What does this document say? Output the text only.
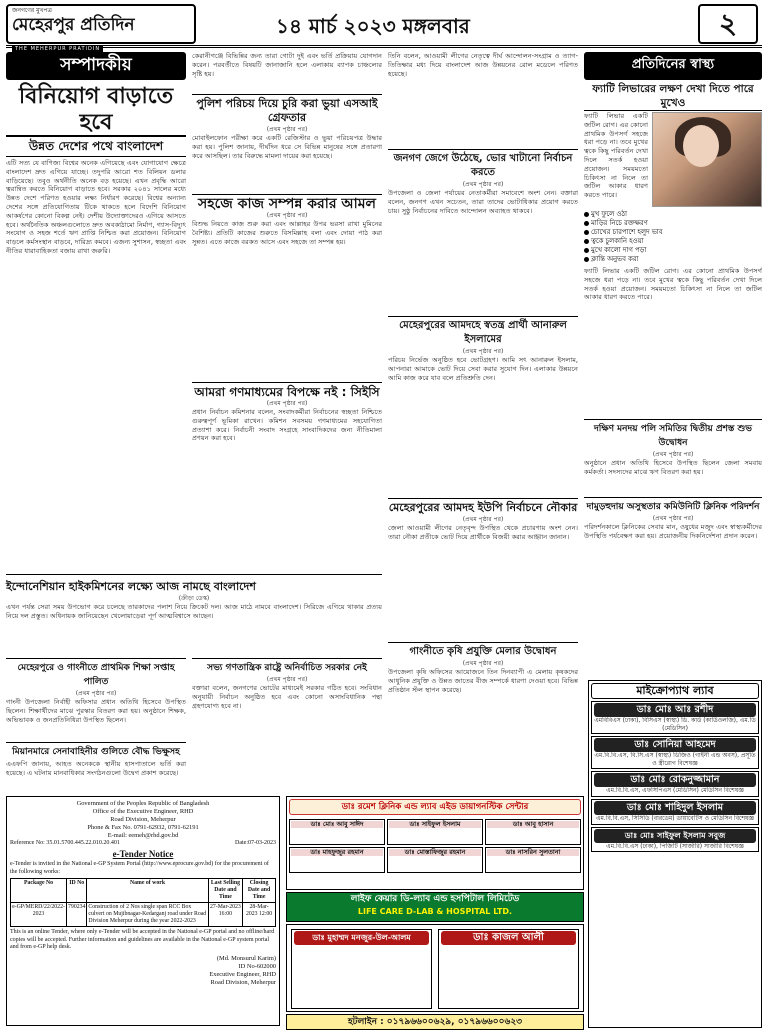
জনগণের মুখপত্র
মেহেরপুর প্রতিদিন
THE MEHERPUR PRATIDIN
১৪ মার্চ ২০২৩ মঙ্গলবার	২
সম্পাদকীয়
বিনিয়োগ বাড়াতে হবে
উন্নত দেশের পথে বাংলাদেশ
এটি সত্য যে বাণিজ্য বিশ্বের অনেক এগিয়েছে এবং যোগাযোগ ক্ষেত্রে বাংলাদেশ দ্রুত এগিয়ে যাচ্ছে। তদুপরি আরো শত বিলিয়ন ডলার বাড়িয়েছে। তবুও অর্থনীতি অনেক বড় হয়েছে। এখন প্রবৃদ্ধি আরো ত্বরান্বিত করতে বিনিয়োগ বাড়াতে হবে। সরকার ২০৪১ সালের মধ্যে উন্নত দেশে পরিণত হওয়ার লক্ষ্য নির্ধারণ করেছে। বিশ্বের অন্যান্য দেশের সঙ্গে প্রতিযোগিতায় টিকে থাকতে হলে বিদেশি বিনিয়োগ আকর্ষণের কোনো বিকল্প নেই। দেশীয় উদ্যোক্তাদেরও এগিয়ে আসতে হবে। অর্থনৈতিক অঞ্চলগুলোতে দ্রুত অবকাঠামো নির্মাণ, গ্যাস-বিদ্যুৎ সংযোগ ও সহজ শর্তে ঋণ প্রাপ্তি নিশ্চিত করা প্রয়োজন। বিনিয়োগ বাড়লে কর্মসংস্থান বাড়বে, দারিদ্র্য কমবে। এজন্য সুশাসন, স্বচ্ছতা এবং নীতির ধারাবাহিকতা বজায় রাখা জরুরি।
কেরানীগঞ্জে বিভিন্নির জন্য তারা গোটা দুই এবং ভর্তি প্রক্রিয়ায় যোগদান করেন। পরবর্তীতে বিষয়টি জানাজানি হলে এলাকায় ব্যাপক চাঞ্চল্যের সৃষ্টি হয়।
পুলিশ পরিচয় দিয়ে চুরি করা ভুয়া এসআই গ্রেফতার
(প্রথম পৃষ্ঠার পর)
মোবাইলফোন পরীক্ষা করে একটি রেজিস্টার ও ভুয়া পরিচয়পত্র উদ্ধার করা হয়। পুলিশ জানায়, দীর্ঘদিন ধরে সে বিভিন্ন মানুষের সঙ্গে প্রতারণা করে আসছিল। তার বিরুদ্ধে মামলা দায়ের করা হয়েছে।
সহজে কাজ সম্পন্ন করার আমল
(প্রথম পৃষ্ঠার পর)
বিশুদ্ধ নিয়তে কাজ শুরু করা এবং আল্লাহর উপর ভরসা রাখা মুমিনের বৈশিষ্ট্য। প্রতিটি কাজের শুরুতে বিসমিল্লাহ বলা এবং দোয়া পাঠ করা সুন্নত। এতে কাজে বরকত আসে এবং সহজে তা সম্পন্ন হয়।
আমরা গণমাধ্যমের বিপক্ষে নই : সিইসি
(প্রথম পৃষ্ঠার পর)
প্রধান নির্বাচন কমিশনার বলেন, সংবাদকর্মীরা নির্বাচনের স্বচ্ছতা নিশ্চিতে গুরুত্বপূর্ণ ভূমিকা রাখেন। কমিশন সবসময় গণমাধ্যমের সহযোগিতা প্রত্যাশা করে। নির্বাচনী সংবাদ সংগ্রহে সাংবাদিকদের জন্য নীতিমালা প্রণয়ন করা হবে।
তিনি বলেন, আওয়ামী লীগের নেতৃত্বে দীর্ঘ আন্দোলন-সংগ্রাম ও ত্যাগ-তিতিক্ষার মধ্য দিয়ে বাংলাদেশ আজ উন্নয়নের রোল মডেলে পরিণত হয়েছে।
জনগণ জেগে উঠেছে, ভোর খাটানো নির্বাচন করতে
(প্রথম পৃষ্ঠার পর)
উপজেলা ও জেলা পর্যায়ের নেতাকর্মীরা সমাবেশে অংশ নেন। বক্তারা বলেন, জনগণ এখন সচেতন, তারা তাদের ভোটাধিকার প্রয়োগ করতে চায়। সুষ্ঠু নির্বাচনের দাবিতে আন্দোলন অব্যাহত থাকবে।
মেহেরপুরের আমদহে স্বতন্ত্র প্রার্থী আনারুল ইসলামের
(প্রথম পৃষ্ঠার পর)
পরিচয় নির্ভেজ অনুষ্ঠিত হবে ভোটগ্রহণ। আমি সৎ আনারুল ইসলাম, আপনারা আমাকে ভোট দিয়ে সেবা করার সুযোগ দিন। এলাকার উন্নয়নে আমি কাজ করে যাব বলে প্রতিশ্রুতি দেন।
মেহেরপুরের আমদহ ইউপি নির্বাচনে নৌকার
(প্রথম পৃষ্ঠার পর)
জেলা আওয়ামী লীগের নেতৃবৃন্দ উপস্থিত থেকে প্রচারণায় অংশ নেন। তারা নৌকা প্রতীকে ভোট দিয়ে প্রার্থীকে বিজয়ী করার আহ্বান জানান।
প্রতিদিনের স্বাস্থ্য
ফ্যাটি লিভারের লক্ষণ দেখা দিতে পারে মুখেও
ফ্যাটি লিভার একটি জটিল রোগ। এর কোনো প্রাথমিক উপসর্গ সহজে ধরা পড়ে না। তবে মুখের ত্বকে কিছু পরিবর্তন দেখা দিলে সতর্ক হওয়া প্রয়োজন। সময়মতো চিকিৎসা না নিলে তা জটিল আকার ধারণ করতে পারে।
মুখ ফুলে ওঠা
মাড়ির নিচে রক্তক্ষরণ
চোখের চারপাশে হলুদ ভাব
ত্বকে চুলকানি হওয়া
মুখে কালো দাগ পড়া
ক্লান্তি অনুভব করা
ফ্যাটি লিভার একটি জটিল রোগ। এর কোনো প্রাথমিক উপসর্গ সহজে ধরা পড়ে না। তবে মুখের ত্বকে কিছু পরিবর্তন দেখা দিলে সতর্ক হওয়া প্রয়োজন। সময়মতো চিকিৎসা না নিলে তা জটিল আকার ধারণ করতে পারে।
দক্ষিণ মনদয় পলি সমিতির দ্বিতীয় প্রশস্ত শুভ উদ্বোধন
(প্রথম পৃষ্ঠার পর)
অনুষ্ঠানে প্রধান অতিথি হিসেবে উপস্থিত ছিলেন জেলা সমবায় কর্মকর্তা। সদস্যদের মাঝে ঋণ বিতরণ করা হয়।
দামুড়হুদায় অসুস্থতার কমিউনিটি ক্লিনিক পরিদর্শন
(প্রথম পৃষ্ঠার পর)
পরিদর্শনকালে ক্লিনিকের সেবার মান, ওষুধের মজুদ এবং স্বাস্থ্যকর্মীদের উপস্থিতি পর্যবেক্ষণ করা হয়। প্রয়োজনীয় দিকনির্দেশনা প্রদান করেন।
ইন্দোনেশিয়ান হাইকমিশনের লক্ষ্যে আজ নামছে বাংলাদেশ
(ক্রীড়া ডেস্ক)
এখন পর্যন্ত সেরা সময় উপভোগ করে চলেছে তারকাদের পলাশ নিয়ে ক্রিকেট দল। আজ মাঠে নামবে বাংলাদেশ। সিরিজে এগিয়ে থাকার প্রত্যয় নিয়ে দল প্রস্তুত। অধিনায়ক জানিয়েছেন খেলোয়াড়েরা পূর্ণ আত্মবিশ্বাসে আছেন।
মেহেরপুরে ও গাংনীতে প্রাথমিক শিক্ষা সপ্তাহ পালিত
(প্রথম পৃষ্ঠার পর)
গাংনী উপজেলা নির্বাহী অফিসার প্রধান অতিথি হিসেবে উপস্থিত ছিলেন। শিক্ষার্থীদের মাঝে পুরস্কার বিতরণ করা হয়। অনুষ্ঠানে শিক্ষক, অভিভাবক ও জনপ্রতিনিধিরা উপস্থিত ছিলেন।
মিয়ানমারে সেনাবাহিনীর গুলিতে বৌদ্ধ ভিক্ষুসহ
এএফপি জানায়, আহত অনেককে স্থানীয় হাসপাতালে ভর্তি করা হয়েছে। এ ঘটনায় মানবাধিকার সংগঠনগুলো উদ্বেগ প্রকাশ করেছে।
সভ্য গণতান্ত্রিক রাষ্ট্রে অনির্বাচিত সরকার নেই
(প্রথম পৃষ্ঠার পর)
বক্তারা বলেন, জনগণের ভোটের মাধ্যমেই সরকার গঠিত হবে। সংবিধান অনুযায়ী নির্বাচন অনুষ্ঠিত হবে এবং কোনো অসাংবিধানিক পন্থা গ্রহণযোগ্য হবে না।
গাংনীতে কৃষি প্রযুক্তি মেলার উদ্বোধন
(প্রথম পৃষ্ঠার পর)
উপজেলা কৃষি অফিসের আয়োজনে তিন দিনব্যাপী এ মেলায় কৃষকদের আধুনিক প্রযুক্তি ও উন্নত জাতের বীজ সম্পর্কে ধারণা দেওয়া হবে। বিভিন্ন প্রতিষ্ঠান স্টল স্থাপন করেছে।
Government of the Peoples Republic of Bangladesh
Office of the Executive Engineer, RHD
Road Division, Meherpur
Phone & Fax No. 0791-62932, 0791-62191
E-mail: eemeh@rhd.gov.bd
Reference No: 35.01.5700.445.22.010.20.401	Date:07-03-2023
e-Tender Notice
e-Tender is invited in the National e-GP System Portal (http://www.eprocure.gov.bd) for the procurement of the following works:
Package No	ID No	Name of work	Last Selling Date and Time	Closing Date and Time
e-GP/MERD/22/2022-2023	790234	Construction of 2 Nos single span RCC Box culvert on Mujibnagar-Kedarganj road under Road Division Meherpur during the year 2022-2023	27-Mar-2023 16:00	28-Mar-2023 12:00
This is an online Tender, where only e-Tender will be accepted in the National e-GP portal and no offline/hard copies will be accepted. Further information and guidelines are available in the National e-GP system portal and from e-GP help desk.
(Md. Monsurul Karim)
ID No-602000
Executive Engineer, RHD
Road Division, Meherpur
ডাঃ রমেশ ক্লিনিক এন্ড ল্যাব এইড ডায়াগনস্টিক সেন্টার
ডাঃ মোঃ আবু সাঈদ	ডাঃ সাইফুল ইসলাম	ডাঃ আবু হাসান
ডাঃ মাহফুজুর রহমান	ডাঃ মোস্তাফিজুর রহমান	ডাঃ নাসরিন সুলতানা
লাইফ কেয়ার ডি-ল্যাব এন্ড হসপিটাল লিমিটেড
LIFE CARE D-LAB & HOSPITAL LTD.
ডাঃ মুহাম্মদ মনজুর-উল-আলম	ডাঃ কাজল আলী
হটলাইন : ০১৭৯৬৬০০৬২৯, ০১৭৯৬৬০০৬২৩
মাইক্রোপ্যাথ ল্যাব
ডাঃ মোঃ আঃ রশীদ
এমবিবিএস (ঢাকা), বিসিএস (স্বাস্থ্য) ডি. কার্ড (কার্ডিওলজি), এম.ডি (মেডিসিন)
ডাঃ সোনিয়া আহমেদ
এম.বি.বি.এস, বি.সি.এস (স্বাস্থ্য) ডিজিও (গাইনী এন্ড অবস), প্রসূতি ও স্ত্রীরোগ বিশেষজ্ঞ
ডাঃ মোঃ রোকনুজ্জামান
এম.বি.বি.এস, এফসিপিএস (মেডিসিন) মেডিসিন বিশেষজ্ঞ
ডাঃ মোঃ শাহিদুল ইসলাম
এম.বি.বি.এস, সিসিডি (বারডেম) ডায়াবেটিস ও মেডিসিন বিশেষজ্ঞ
ডাঃ মোঃ সাইফুল ইসলাম সবুজ
এম.বি.বি.এস (ঢাকা), পিজিটি (সার্জারি) সার্জারি বিশেষজ্ঞ
